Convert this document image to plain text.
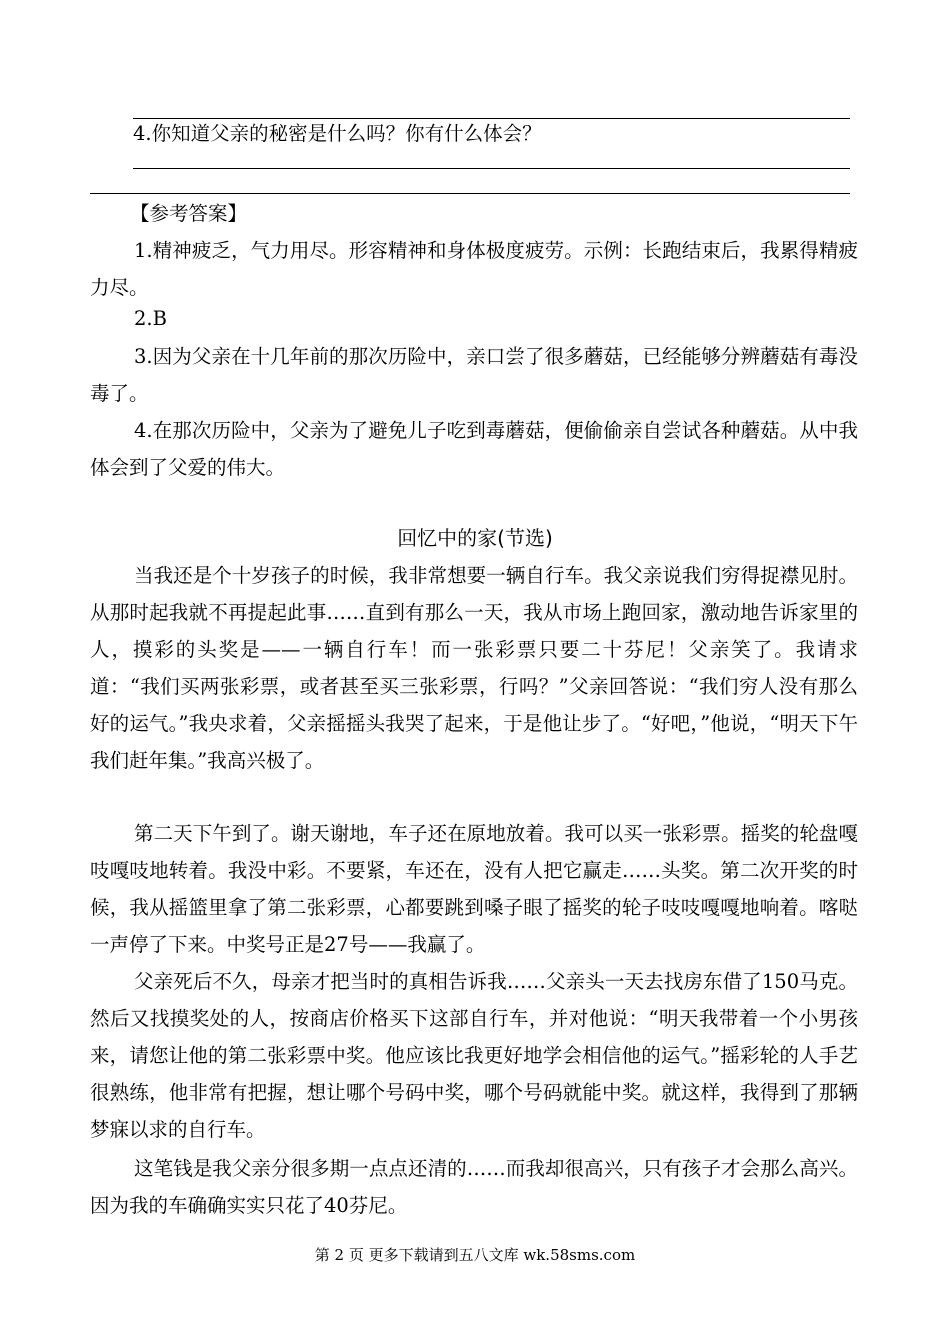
4.你知道父亲的秘密是什么吗？你有什么体会？

【参考答案】

1.精神疲乏，气力用尽。形容精神和身体极度疲劳。示例：长跑结束后，我累得精疲力尽。

2.B

3.因为父亲在十几年前的那次历险中，亲口尝了很多蘑菇，已经能够分辨蘑菇有毒没毒了。

4.在那次历险中，父亲为了避免儿子吃到毒蘑菇，便偷偷亲自尝试各种蘑菇。从中我体会到了父爱的伟大。

回忆中的家(节选)

当我还是个十岁孩子的时候，我非常想要一辆自行车。我父亲说我们穷得捉襟见肘。从那时起我就不再提起此事……直到有那么一天，我从市场上跑回家，激动地告诉家里的人，摸彩的头奖是——一辆自行车！而一张彩票只要二十芬尼！父亲笑了。我请求道：“我们买两张彩票，或者甚至买三张彩票，行吗？”父亲回答说：“我们穷人没有那么好的运气。”我央求着，父亲摇摇头我哭了起来，于是他让步了。“好吧，”他说，“明天下午我们赶年集。”我高兴极了。

第二天下午到了。谢天谢地，车子还在原地放着。我可以买一张彩票。摇奖的轮盘嘎吱嘎吱地转着。我没中彩。不要紧，车还在，没有人把它赢走……头奖。第二次开奖的时候，我从摇篮里拿了第二张彩票，心都要跳到嗓子眼了摇奖的轮子吱吱嘎嘎地响着。喀哒一声停了下来。中奖号正是27号——我赢了。

父亲死后不久，母亲才把当时的真相告诉我……父亲头一天去找房东借了150马克。然后又找摸奖处的人，按商店价格买下这部自行车，并对他说：“明天我带着一个小男孩来，请您让他的第二张彩票中奖。他应该比我更好地学会相信他的运气。”摇彩轮的人手艺很熟练，他非常有把握，想让哪个号码中奖，哪个号码就能中奖。就这样，我得到了那辆梦寐以求的自行车。

这笔钱是我父亲分很多期一点点还清的……而我却很高兴，只有孩子才会那么高兴。因为我的车确确实实只花了40芬尼。

第 2 页 更多下载请到五八文库 wk.58sms.com
